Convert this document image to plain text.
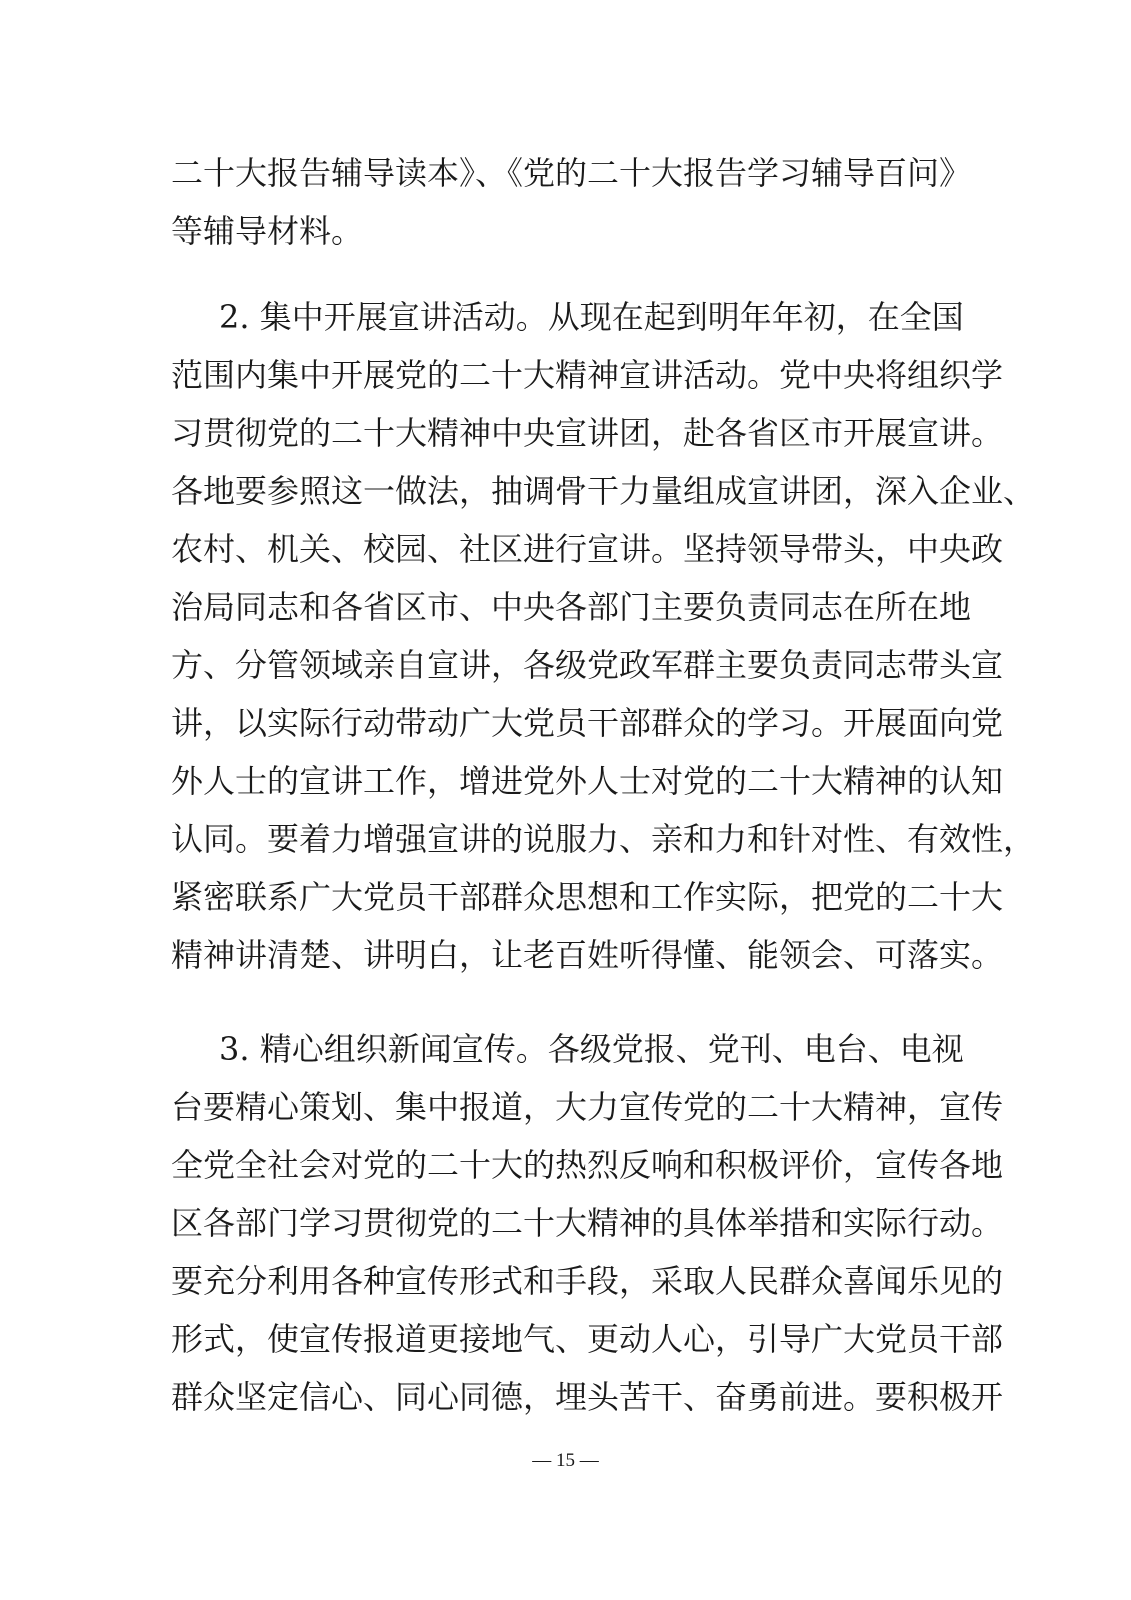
二十大报告辅导读本》、《党的二十大报告学习辅导百问》
等辅导材料。
2. 集中开展宣讲活动。从现在起到明年年初，在全国
范围内集中开展党的二十大精神宣讲活动。党中央将组织学
习贯彻党的二十大精神中央宣讲团，赴各省区市开展宣讲。
各地要参照这一做法，抽调骨干力量组成宣讲团，深入企业、
农村、机关、校园、社区进行宣讲。坚持领导带头，中央政
治局同志和各省区市、中央各部门主要负责同志在所在地
方、分管领域亲自宣讲，各级党政军群主要负责同志带头宣
讲，以实际行动带动广大党员干部群众的学习。开展面向党
外人士的宣讲工作，增进党外人士对党的二十大精神的认知
认同。要着力增强宣讲的说服力、亲和力和针对性、有效性，
紧密联系广大党员干部群众思想和工作实际，把党的二十大
精神讲清楚、讲明白，让老百姓听得懂、能领会、可落实。
3. 精心组织新闻宣传。各级党报、党刊、电台、电视
台要精心策划、集中报道，大力宣传党的二十大精神，宣传
全党全社会对党的二十大的热烈反响和积极评价，宣传各地
区各部门学习贯彻党的二十大精神的具体举措和实际行动。
要充分利用各种宣传形式和手段，采取人民群众喜闻乐见的
形式，使宣传报道更接地气、更动人心，引导广大党员干部
群众坚定信心、同心同德，埋头苦干、奋勇前进。要积极开
— 15 —
